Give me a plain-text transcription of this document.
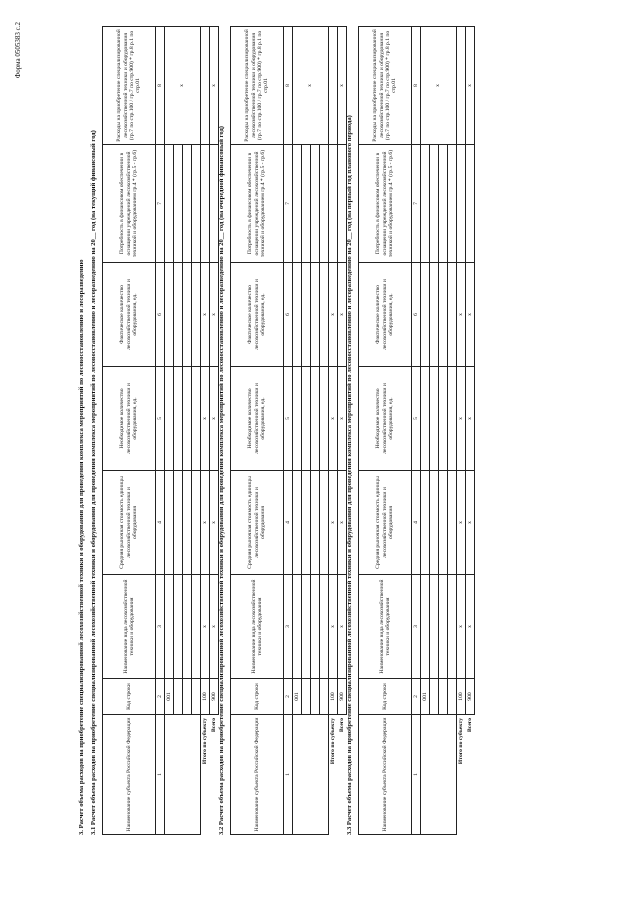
Форма 0505383 с.2
3. Расчет объема расходов на приобретение специализированной лесохозяйственной техники и оборудования для проведения комплекса мероприятий по лесовосстановлению и лесоразведению 3.1 Расчет объема расходов на приобретение специализированной лесохозяйственной техники и оборудования для проведения комплекса мероприятий по лесовосстановлению и лесоразведению на 20__ год (на текущий финансовый год)	Наименование субъекта Российской Федерации	Код строки	Наименование вида лесохозяйственной техники и оборудования	Средняя рыночная стоимость единицы лесохозяйственной техники и оборудования	Необходимое количество лесохозяйственной техники и оборудования, ед.	Фактическое количество лесохозяйственной техники и оборудования, ед.	Потребность в финансовом обеспечении в оснащении учреждений лесохозяйственной техникой и оборудованием гр.4 * (гр.5 - гр.6)	Расходы на приобретение специализированной лесохозяйственной техники и оборудования (гр.7 по стр.100 / гр.7 по стр.900) * гр.8 р.1 по стр.01
1	2	3	4	5	6	7	8
	001						x

Итого по субъекту	100	x	x	x	x		
Всего	900	x	x	x	x		x
3.2 Расчет объема расходов на приобретение специализированной лесохозяйственной техники и оборудования для проведения комплекса мероприятий по лесовосстановлению и лесоразведению на 20__ год (на очередной финансовый год)	Наименование субъекта Российской Федерации	Код строки	Наименование вида лесохозяйственной техники и оборудования	Средняя рыночная стоимость единицы лесохозяйственной техники и оборудования	Необходимое количество лесохозяйственной техники и оборудования, ед.	Фактическое количество лесохозяйственной техники и оборудования, ед.	Потребность в финансовом обеспечении в оснащении учреждений лесохозяйственной техникой и оборудованием гр.4 * (гр.5 - гр.6)	Расходы на приобретение специализированной лесохозяйственной техники и оборудования (гр.7 по стр.100 / гр.7 по стр.900) * гр.8 р.1 по стр.01
1	2	3	4	5	6	7	8
	001						x

Итого по субъекту	100	x	x	x	x		
Всего	900	x	x	x	x		x
3.3 Расчет объема расходов на приобретение специализированной лесохозяйственной техники и оборудования для проведения комплекса мероприятий по лесовосстановлению и лесоразведению на 20__ год (на первый год планового периода)	Наименование субъекта Российской Федерации	Код строки	Наименование вида лесохозяйственной техники и оборудования	Средняя рыночная стоимость единицы лесохозяйственной техники и оборудования	Необходимое количество лесохозяйственной техники и оборудования, ед.	Фактическое количество лесохозяйственной техники и оборудования, ед.	Потребность в финансовом обеспечении в оснащении учреждений лесохозяйственной техникой и оборудованием гр.4 * (гр.5 - гр.6)	Расходы на приобретение специализированной лесохозяйственной техники и оборудования (гр.7 по стр.100 / гр.7 по стр.900) * гр.8 р.1 по стр.01
1	2	3	4	5	6	7	8
	001						x

Итого по субъекту	100	x	x	x	x		
Всего	900	x	x	x	x		x
